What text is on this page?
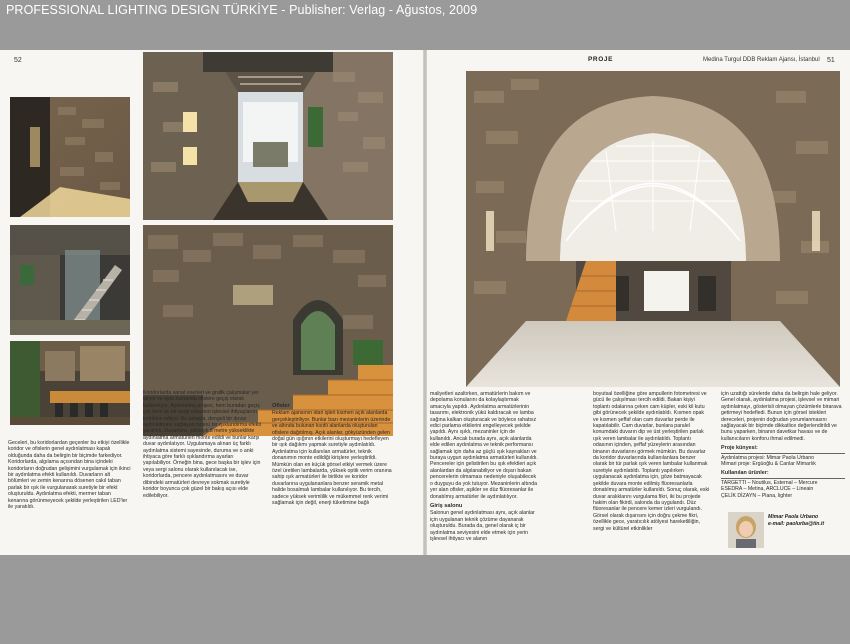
PROFESSIONAL LIGHTING DESIGN TÜRKİYE - Publisher: Verlag - Ağustos, 2009
52
Geceleri, bu koridorlardan geçenler bu etkiyi özellikle koridor ve ofislerin genel aydınlatması kapalı olduğunda daha da belirgin bir biçimde farkediyor. Koridorlarda, algılama açısından bina içindeki koridorların doğrudan gelişimini vurgulamak için ikinci bir aydınlatma efekti kullanıldı. Duvarların alt bölümleri ve zemin kenarına dösenen cakıl taban parlak bir ışık ile vurgulanarak suretiyle bir efekt oluşturuldu. Aydınlatma efekti, mermer taban kenarına görünmeyecek şekilde yerleştirilen LED'ler ile yaratıldı.
Koridorlarda sanat eserleri ve grafik çalışmalar yer alıyor ve aynı zamanda ofislere geçiş olarak kullanılıyor. Aydınlatma projesi, hem buradan geçiş için hem de bir sergi odasının işlevsel ihtiyaçlarını kombine ediyor. Bu amaçla, dengeli bir duvar aydınlatması sağlayan özünü bir ışıklandırma efekti yaratıldı. Duvarlara, yaklaşık 8 metre yükseklikte aydınlatma armatürleri monte edildi ve bunlar karşı duvar aydınlatıyor. Uygulamaya alınan üç farklı aydınlatma sistemi sayesinde, duruma ve o anki ihtiyaca göre farklı ışıklandırma ayarları yapılabiliyor. Örneğin bina, gece başka bir işlev için veya sergi salonu olarak kullanılacak ise, koridorlarda, pencere aydınlatmasını ve duvar dibindeki armatürleri devreye sokmak suretiyle koridor boyunca çok güzel bir bakış açısı elde edilebiliyor.
Ofisler
Reklam ajansının idari işleri kısmen açık alanlarda gerçekleştiriliyor. Bunlar bazı mezaninlerin üzerinde ve altında bulunan kısıtlı alanlarda oluşturulan ofislere dağıtılmış. Açık alanlar, gökyüzünden gelen doğal gün ışığının etkilerini oluşturmayı hedefleyen bir ışık dağılımı yapmak suretiyle aydınlatıldı. Aydınlatma için kullanılan armatürler, teknik donanımın monte edildiği kirişlere yerleştirildi. Mümkün olan en küçük görsel etkiyi vermek üzere özel üretilen lambalarda, yüksek optik verim oranına sahip ışık armatürleri ile birlikte ve koridor duvarlarına uygulananlara benzer seramik metal halide bosalmalı lambalar kullanılıyor. Bu tercih, sadece yüksek verimlilik ve mükemmel renk verimi sağlamak için değil, enerji tüketimine bağlı
Medina Turgul DDB Reklam Ajansı, İstanbul 51
PROJE
maliyetleri azaltırken, armatürlerin bakım ve depolama konularını da kolaylaştırmak amacıyla yapıldı. Aydınlatma armatürlerinin tasarımı, elektronik yükü kaldıracak ve lamba sağına kalkan oluşturacak ve böylece rahatsız edici parlama etkilerini engelleyecek şekilde yapıldı. Aynı ışıklı, mezaninler için de kullanıldı. Ancak burada aynı, açık alanlarda elde edilen aydınlatma ve teknik performansı sağlamak için daha az güçlü ışık kaynakları ve buraya uygun aydınlatma armatürleri kullanıldı. Pencereler için gelistirilen bu ışık efektleri açık alanlardan da algılanabiliyor ve dışarı bakan pencerelerin olmaması nedeniyle oluşabilecek o duyguyu da yok tutuyor. Mezaninlerin altında yer alan ofisler, aşikler ve düz flüoresanlar ile donatılmış armatürler ile aydınlatılıyor.
Giriş salonu
Salonun genel aydınlatması aynı, açık alanlar için uygulanan teknik çözüme dayanarak oluşturuldu. Burada da, genel olarak iç bir aydınlatma seviyesini elde etmek için yerin işlevsel ihtiyacı ve alanın
boyutsal özelliğine göre ampullerin fotometresi ve gücü ile çalışılması tercih edildi. Bakan kişiyi toplantı odalarına çeken cam küpler, eski kil kutu gibi görünecek şekilde aydınlatıldı. Kısmen opak ve kısmen şeffaf olan cam duvarlar perde ile kapatılabilir. Cam duvarlar, bunlara paralel konumdaki duvarın dip ve üst yerleştirilen parlak ışık veren lambalar ile aydınlatıldı. Toplantı odasının içinden, şeffaf yüzeylerin arasından binanın duvarlarını görmek mümkün. Bu duvarlar da koridor duvarlarında kullanılanlara benzer olarak bir tür parlak ışık veren lambalar kullanmak suretiyle aydınlatıldı. Toplantı yapılırken uygulanacak aydınlatma için, göze batmayacak şekilde duvara monte edilmiş flüoresanlarla donatılmış armatürler kullanıldı. Sonuç olarak, eski duvar aralıklarını vurgulama fikri, iki bu projede hakim olan fikirdi, salonda da uygulandı. Düz flüoresanlar ile pencere kemer izleri vurgulandı. Görsel olarak dışarısını için doğru çekme fikri, özellikle gece, yaratıcılık atölyesi hareketliliğin, sergi ve kültürel etkinlikler
için uzattığı sürelerde daha da belirgin hale geliyor. Genel olarak, aydınlatma projesi, işlevsel ve mimari aydınlatmayı, gösterisli olmayan çözümlerle birarava getirmeyi hedefledi. Bunun için görsel istekleri dereceleri, projenin doğrudan yorumlanmasını sağlayacak bir biçimde dikkatlice değerlendirildi ve bunu yaparken, binanın davetkar havası ve de kullanıcıların konforu ihmal edilmedi.
Proje künyesi:
Aydınlatma projesi: Mimar Paola Urbano
Mimari proje: Ergüoğlu & Canlar Mimarlık
Kullanılan ürünler:
TARGETTI – Noutilus, Esternal – Mercure
ESEDRA – Metina, ARCLUCE – Lineain
ÇELİK DİZAYN – Plana, lighter
Mimar Paola Urbano
e-mail: paolurba@tin.it
